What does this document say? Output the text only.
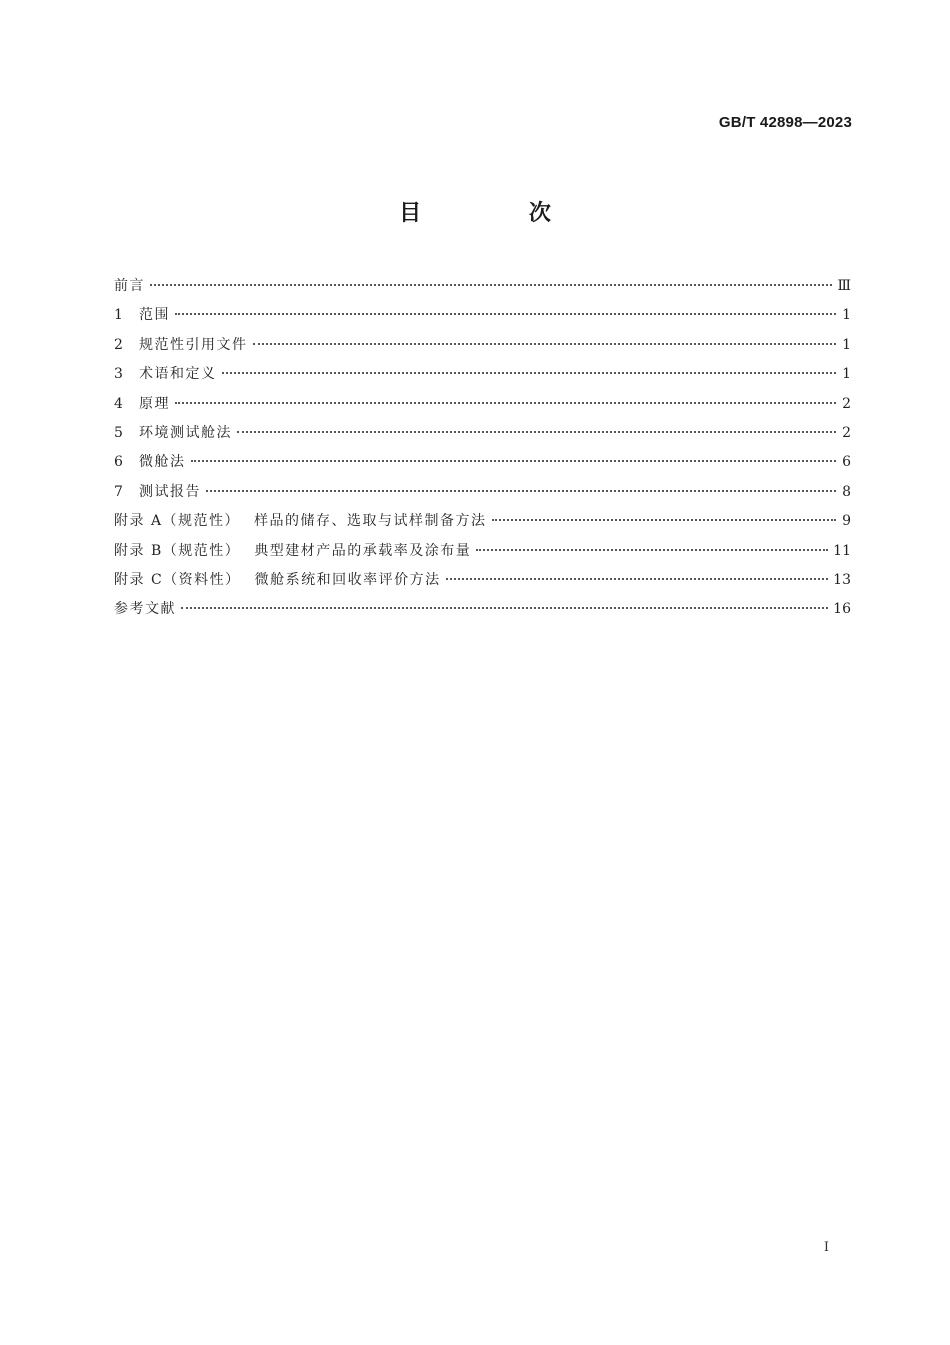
GB/T 42898—2023
目 次
前言	Ⅲ
1	范围	1
2	规范性引用文件	1
3	术语和定义	1
4	原理	2
5	环境测试舱法	2
6	微舱法	6
7	测试报告	8
附录 A（规范性） 样品的储存、选取与试样制备方法	9
附录 B（规范性） 典型建材产品的承载率及涂布量	11
附录 C（资料性） 微舱系统和回收率评价方法	13
参考文献	16
I
